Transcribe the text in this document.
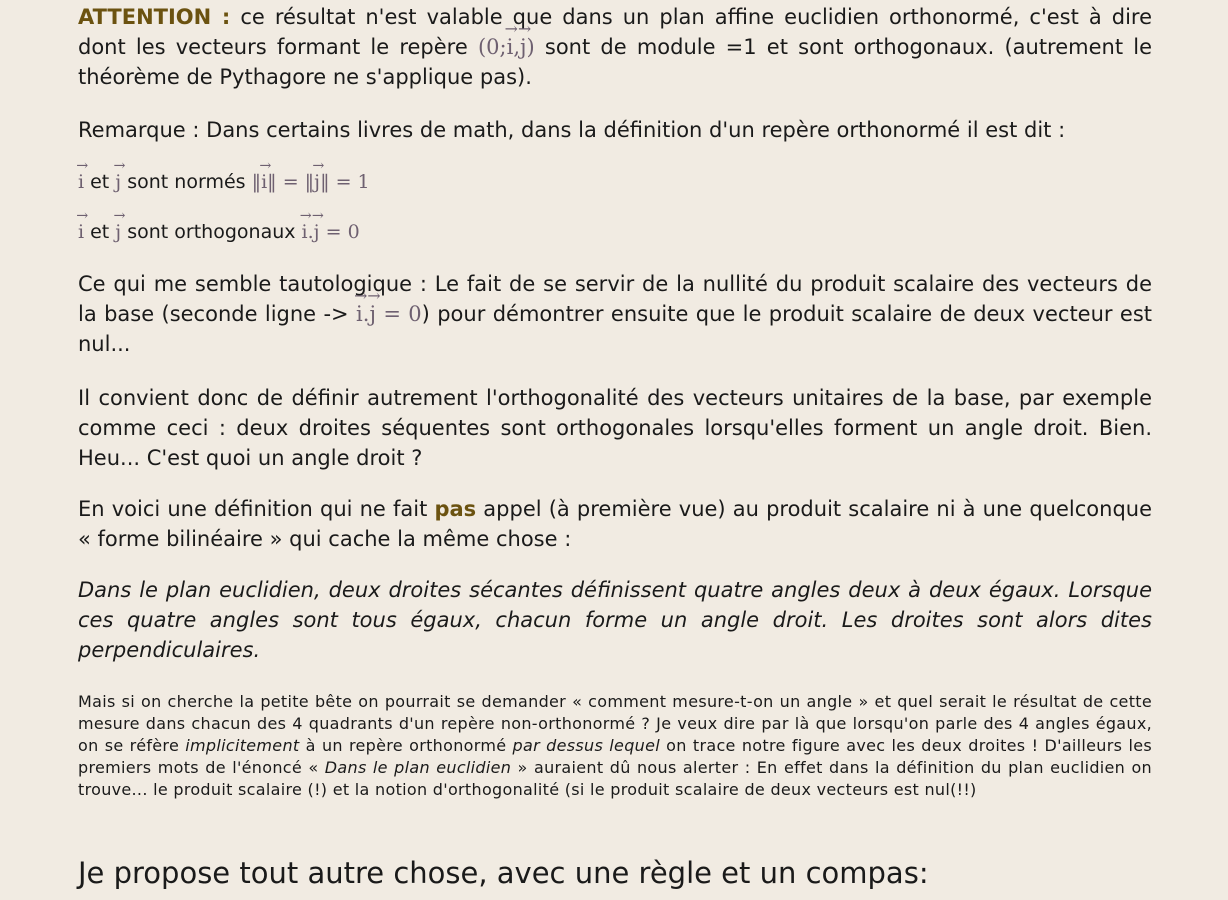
ATTENTION : ce résultat n'est valable que dans un plan affine euclidien orthonormé, c'est à dire dont les vecteurs formant le repère (0;→ i,→ j) sont de module =1 et sont orthogonaux. (autrement le théorème de Pythagore ne s'applique pas).

Remarque : Dans certains livres de math, dans la définition d'un repère orthonormé il est dit :

→ i et → j sont normés ‖→ i‖ = ‖→ j‖ = 1

→ i et → j sont orthogonaux → i.→ j = 0

Ce qui me semble tautologique : Le fait de se servir de la nullité du produit scalaire des vecteurs de la base (seconde ligne -> → i.→ j = 0) pour démontrer ensuite que le produit scalaire de deux vecteur est nul...

Il convient donc de définir autrement l'orthogonalité des vecteurs unitaires de la base, par exemple comme ceci : deux droites séquentes sont orthogonales lorsqu'elles forment un angle droit. Bien. Heu... C'est quoi un angle droit ?

En voici une définition qui ne fait pas appel (à première vue) au produit scalaire ni à une quelconque « forme bilinéaire » qui cache la même chose :

Dans le plan euclidien, deux droites sécantes définissent quatre angles deux à deux égaux. Lorsque ces quatre angles sont tous égaux, chacun forme un angle droit. Les droites sont alors dites perpendiculaires.

Mais si on cherche la petite bête on pourrait se demander « comment mesure-t-on un angle » et quel serait le résultat de cette mesure dans chacun des 4 quadrants d'un repère non-orthonormé ? Je veux dire par là que lorsqu'on parle des 4 angles égaux, on se réfère implicitement à un repère orthonormé par dessus lequel on trace notre figure avec les deux droites ! D'ailleurs les premiers mots de l'énoncé « Dans le plan euclidien » auraient dû nous alerter : En effet dans la définition du plan euclidien on trouve... le produit scalaire (!) et la notion d'orthogonalité (si le produit scalaire de deux vecteurs est nul(!!)

Je propose tout autre chose, avec une règle et un compas:
